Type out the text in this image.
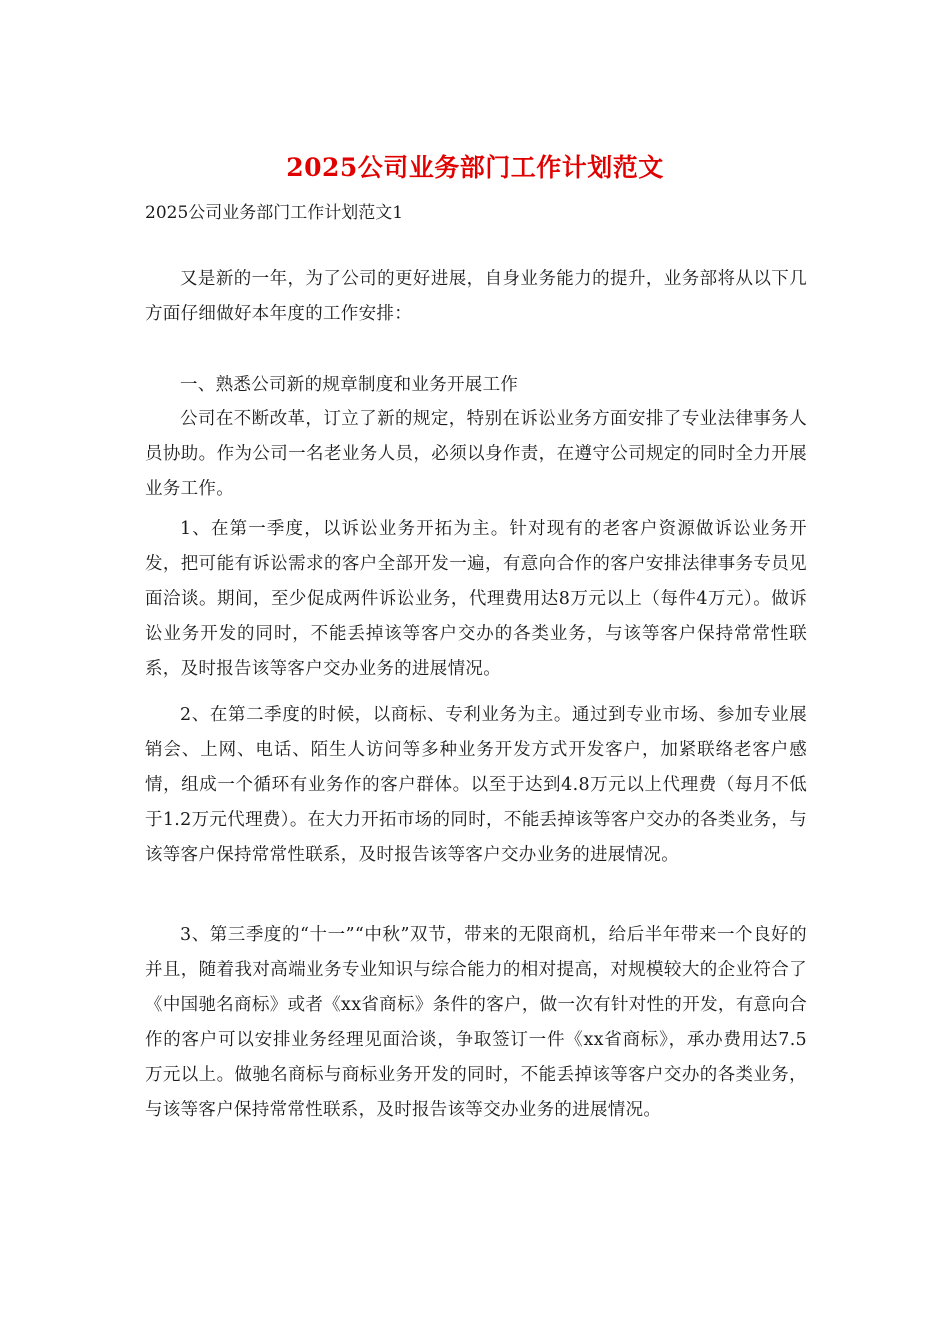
2025公司业务部门工作计划范文

2025公司业务部门工作计划范文1

又是新的一年，为了公司的更好进展，自身业务能力的提升，业务部将从以下几方面仔细做好本年度的工作安排：

一、熟悉公司新的规章制度和业务开展工作

公司在不断改革，订立了新的规定，特别在诉讼业务方面安排了专业法律事务人员协助。作为公司一名老业务人员，必须以身作责，在遵守公司规定的同时全力开展业务工作。

1、在第一季度，以诉讼业务开拓为主。针对现有的老客户资源做诉讼业务开发，把可能有诉讼需求的客户全部开发一遍，有意向合作的客户安排法律事务专员见面洽谈。期间，至少促成两件诉讼业务，代理费用达8万元以上（每件4万元）。做诉讼业务开发的同时，不能丢掉该等客户交办的各类业务，与该等客户保持常常性联系，及时报告该等客户交办业务的进展情况。

2、在第二季度的时候，以商标、专利业务为主。通过到专业市场、参加专业展销会、上网、电话、陌生人访问等多种业务开发方式开发客户，加紧联络老客户感情，组成一个循环有业务作的客户群体。以至于达到4.8万元以上代理费（每月不低于1.2万元代理费）。在大力开拓市场的同时，不能丢掉该等客户交办的各类业务，与该等客户保持常常性联系，及时报告该等客户交办业务的进展情况。

3、第三季度的“十一”“中秋”双节，带来的无限商机，给后半年带来一个良好的并且，随着我对高端业务专业知识与综合能力的相对提高，对规模较大的企业符合了《中国驰名商标》或者《xx省商标》条件的客户，做一次有针对性的开发，有意向合作的客户可以安排业务经理见面洽谈，争取签订一件《xx省商标》，承办费用达7.5万元以上。做驰名商标与商标业务开发的同时，不能丢掉该等客户交办的各类业务，与该等客户保持常常性联系，及时报告该等交办业务的进展情况。
